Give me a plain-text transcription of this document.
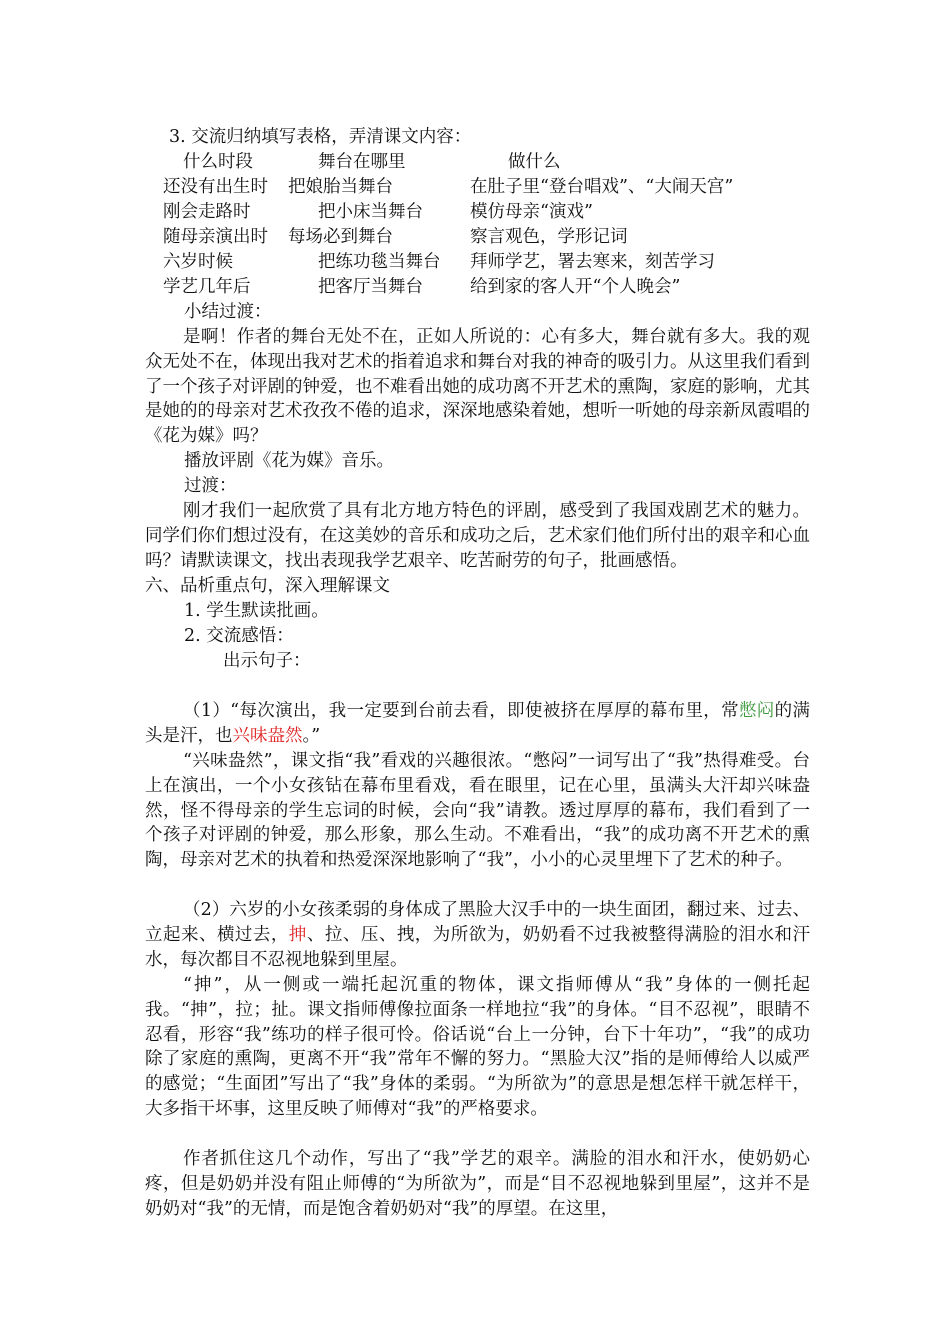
3. 交流归纳填写表格，弄清课文内容：

什么时段	舞台在哪里	做什么
还没有出生时 把娘胎当舞台	在肚子里“登台唱戏”、“大闹天宫”
刚会走路时	把小床当舞台	模仿母亲“演戏”
随母亲演出时 每场必到舞台	察言观色，学形记词
六岁时候	把练功毯当舞台 拜师学艺，署去寒来，刻苦学习
学艺几年后	把客厅当舞台	给到家的客人开“个人晚会”

小结过渡：

是啊！作者的舞台无处不在，正如人所说的：心有多大，舞台就有多大。我的观众无处不在，体现出我对艺术的指着追求和舞台对我的神奇的吸引力。从这里我们看到了一个孩子对评剧的钟爱，也不难看出她的成功离不开艺术的熏陶，家庭的影响，尤其是她的的母亲对艺术孜孜不倦的追求，深深地感染着她，想听一听她的母亲新凤霞唱的《花为媒》吗？

播放评剧《花为媒》音乐。

过渡：

刚才我们一起欣赏了具有北方地方特色的评剧，感受到了我国戏剧艺术的魅力。同学们你们想过没有，在这美妙的音乐和成功之后，艺术家们他们所付出的艰辛和心血吗？请默读课文，找出表现我学艺艰辛、吃苦耐劳的句子，批画感悟。

六、品析重点句，深入理解课文

1. 学生默读批画。

2. 交流感悟：

出示句子：

（1）“每次演出，我一定要到台前去看，即使被挤在厚厚的幕布里，常憋闷的满头是汗，也兴味盎然。”

“兴味盎然”，课文指“我”看戏的兴趣很浓。“憋闷”一词写出了“我”热得难受。台上在演出，一个小女孩钻在幕布里看戏，看在眼里，记在心里，虽满头大汗却兴味盎然，怪不得母亲的学生忘词的时候，会向“我”请教。透过厚厚的幕布，我们看到了一个孩子对评剧的钟爱，那么形象，那么生动。不难看出，“我”的成功离不开艺术的熏陶，母亲对艺术的执着和热爱深深地影响了“我”，小小的心灵里埋下了艺术的种子。

（2）六岁的小女孩柔弱的身体成了黑脸大汉手中的一块生面团，翻过来、过去、立起来、横过去，抻、拉、压、拽，为所欲为，奶奶看不过我被整得满脸的泪水和汗水，每次都目不忍视地躲到里屋。

“抻”，从一侧或一端托起沉重的物体，课文指师傅从“我”身体的一侧托起我。“抻”，拉；扯。课文指师傅像拉面条一样地拉“我”的身体。“目不忍视”，眼睛不忍看，形容“我”练功的样子很可怜。俗话说“台上一分钟，台下十年功”，“我”的成功除了家庭的熏陶，更离不开“我”常年不懈的努力。“黑脸大汉”指的是师傅给人以威严的感觉；“生面团”写出了“我”身体的柔弱。“为所欲为”的意思是想怎样干就怎样干，大多指干坏事，这里反映了师傅对“我”的严格要求。

作者抓住这几个动作，写出了“我”学艺的艰辛。满脸的泪水和汗水，使奶奶心疼，但是奶奶并没有阻止师傅的“为所欲为”，而是“目不忍视地躲到里屋”，这并不是奶奶对“我”的无情，而是饱含着奶奶对“我”的厚望。在这里，
